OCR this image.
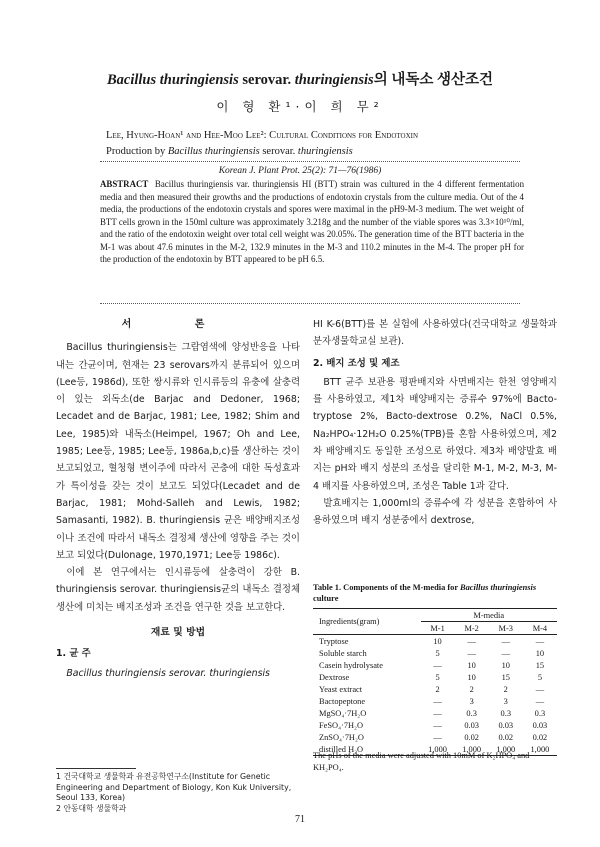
Bacillus thuringiensis serovar. thuringiensis의 내독소 생산조건
이 형 환¹·이 희 무²
Lee, Hyung-Hoan¹ and Hee-Moo Lee²: Cultural Conditions for Endotoxin
Production by Bacillus thuringiensis serovar. thuringiensis
Korean J. Plant Prot. 25(2): 71—76(1986)
ABSTRACT Bacillus thuringiensis var. thuringiensis HI (BTT) strain was cultured in the 4 different fermentation media and then measured their growths and the productions of endotoxin crystals from the culture media. Out of the 4 media, the productions of the endotoxin crystals and spores were maximal in the pH9-M-3 medium. The wet weight of BTT cells grown in the 150ml culture was approximately 3.218g and the number of the viable spores was 3.3×10¹⁰/ml, and the ratio of the endotoxin weight over total cell weight was 20.05%. The generation time of the BTT bacteria in the M-1 was about 47.6 minutes in the M-2, 132.9 minutes in the M-3 and 110.2 minutes in the M-4. The proper pH for the production of the endotoxin by BTT appeared to be pH 6.5.
서 론

Bacillus thuringiensis는 그람염색에 양성반응을 나타내는 간균이며, 현재는 23 serovars까지 분류되어 있으며(Lee등, 1986d), 또한 쌍시류와 인시류등의 유충에 살충력이 있는 외독소(de Barjac and Dedoner, 1968; Lecadet and de Barjac, 1981; Lee, 1982; Shim and Lee, 1985)와 내독소(Heimpel, 1967; Oh and Lee, 1985; Lee등, 1985; Lee등, 1986a,b,c)를 생산하는 것이 보고되었고, 혈청형 변이주에 따라서 곤충에 대한 독성효과가 특이성을 갖는 것이 보고도 되었다(Lecadet and de Barjac, 1981; Mohd-Salleh and Lewis, 1982; Samasanti, 1982). B. thuringiensis 균은 배양배지조성이나 조건에 따라서 내독소 결정체 생산에 영향을 주는 것이 보고 되었다(Dulonage, 1970,1971; Lee등 1986c).

이에 본 연구에서는 인시류등에 살충력이 강한 B. thuringiensis serovar. thuringiensis균의 내독소 결정체 생산에 미치는 배지조성과 조건을 연구한 것을 보고한다.

재료 및 방법
1. 균 주

Bacillus thuringiensis serovar. thuringiensis

1 건국대학교 생물학과 유전공학연구소(Institute for Genetic Engineering and Department of Biology, Kon Kuk University, Seoul 133, Korea)
2 안동대학 생물학과

HI K-6(BTT)를 본 실험에 사용하였다(건국대학교 생물학과 분자생물학교실 보관).

2. 배지 조성 및 제조

BTT 균주 보관용 평판배지와 사면배지는 한천 영양배지를 사용하였고, 제1차 배양배지는 증류수 97%에 Bacto-tryptose 2%, Bacto-dextrose 0.2%, NaCl 0.5%, Na₂HPO₄·12H₂O 0.25%(TPB)를 혼합 사용하였으며, 제2차 배양배지도 동일한 조성으로 하였다. 제3차 배양발효 배지는 pH와 배지 성분의 조성을 달리한 M-1, M-2, M-3, M-4 배지를 사용하였으며, 조성은 Table 1과 같다.

발효배지는 1,000ml의 증류수에 각 성분을 혼합하여 사용하였으며 배지 성분중에서 dextrose,

Table 1. Components of the M-media for Bacillus thuringiensis culture
Ingredients(gram)	M-media			
	M-1	M-2	M-3	M-4
Tryptose	10	—	—	—
Soluble starch	5	—	—	10
Casein hydrolysate	—	10	10	15
Dextrose	5	10	15	5
Yeast extract	2	2	2	—
Bactopeptone	—	3	3	—
MgSO₄·7H₂O	—	0.3	0.3	0.3
FeSO₄·7H₂O	—	0.03	0.03	0.03
ZnSO₄·7H₂O	—	0.02	0.02	0.02
distilled H₂O	1,000	1,000	1,000	1,000
The pHs of the media were adjusted with 10mM of K₂HPO₄ and KH₂PO₄.
71
